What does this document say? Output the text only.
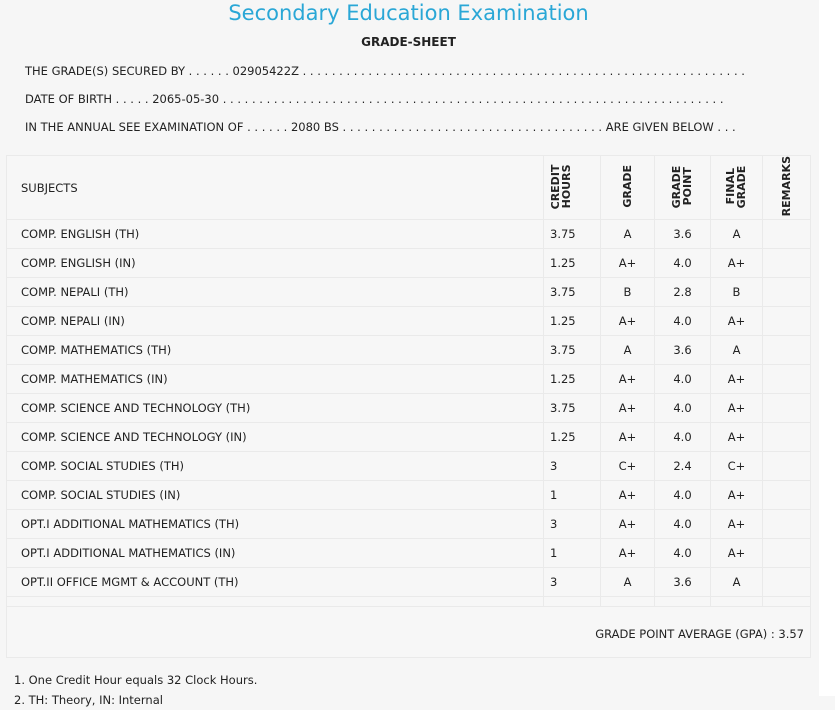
Secondary Education Examination
GRADE-SHEET
THE GRADE(S) SECURED BY . . . . . . 02905422Z . . . . . . . . . . . . . . . . . . . . . . . . . . . . . . . . . . . . . . . . . . . . . . . . . . . . . . . . . . . . .
DATE OF BIRTH . . . . . 2065-05-30 . . . . . . . . . . . . . . . . . . . . . . . . . . . . . . . . . . . . . . . . . . . . . . . . . . . . . . . . . . . . . . . . . . . . .
IN THE ANNUAL SEE EXAMINATION OF . . . . . . 2080 BS . . . . . . . . . . . . . . . . . . . . . . . . . . . . . . . . . . . . ARE GIVEN BELOW . . .
SUBJECTS	CREDIT HOURS	GRADE	GRADE POINT	FINAL GRADE	REMARKS
COMP. ENGLISH (TH)	3.75	A	3.6	A	
COMP. ENGLISH (IN)	1.25	A+	4.0	A+	
COMP. NEPALI (TH)	3.75	B	2.8	B	
COMP. NEPALI (IN)	1.25	A+	4.0	A+	
COMP. MATHEMATICS (TH)	3.75	A	3.6	A	
COMP. MATHEMATICS (IN)	1.25	A+	4.0	A+	
COMP. SCIENCE AND TECHNOLOGY (TH)	3.75	A+	4.0	A+	
COMP. SCIENCE AND TECHNOLOGY (IN)	1.25	A+	4.0	A+	
COMP. SOCIAL STUDIES (TH)	3	C+	2.4	C+	
COMP. SOCIAL STUDIES (IN)	1	A+	4.0	A+	
OPT.I ADDITIONAL MATHEMATICS (TH)	3	A+	4.0	A+	
OPT.I ADDITIONAL MATHEMATICS (IN)	1	A+	4.0	A+	
OPT.II OFFICE MGMT & ACCOUNT (TH)	3	A	3.6	A	

GRADE POINT AVERAGE (GPA) : 3.57
1. One Credit Hour equals 32 Clock Hours.
2. TH: Theory, IN: Internal
